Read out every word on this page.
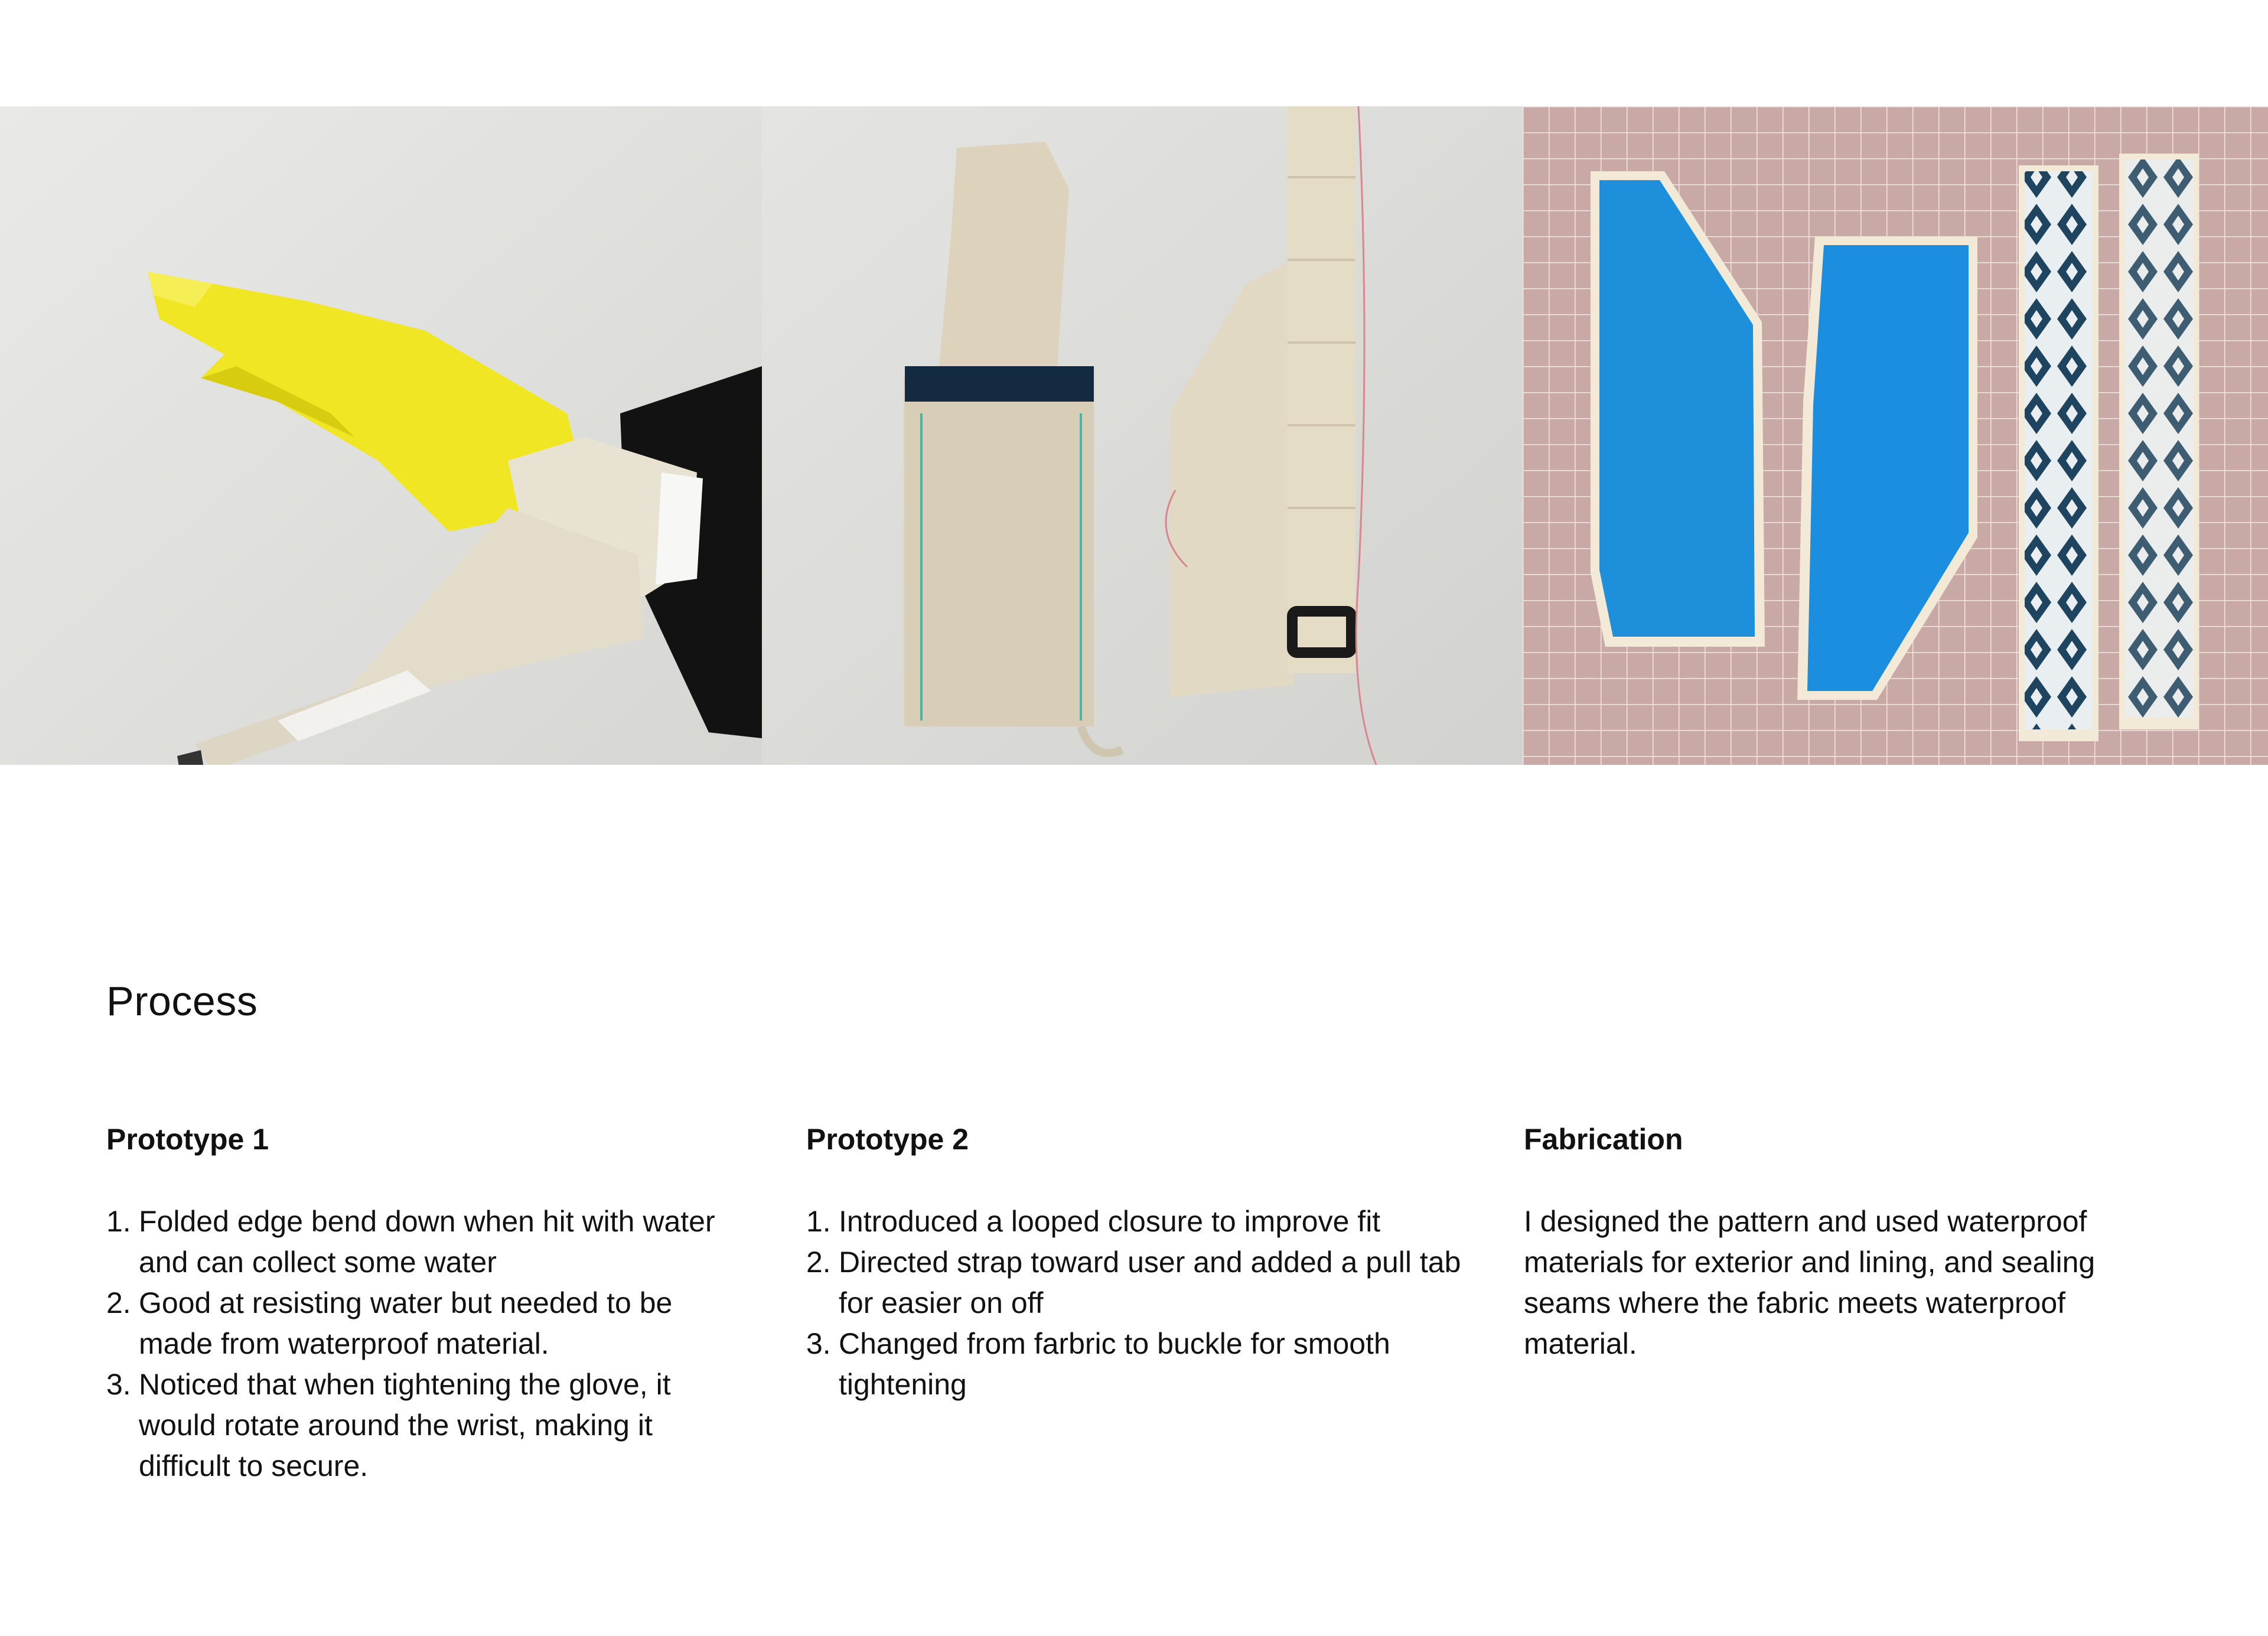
Process
Prototype 1
1. Folded edge bend down when hit with water and can collect some water
2. Good at resisting water but needed to be made from waterproof material.
3. Noticed that when tightening the glove, it would rotate around the wrist, making it difficult to secure.
Prototype 2
1. Introduced a looped closure to improve fit
2. Directed strap toward user and added a pull tab for easier on off
3. Changed from farbric to buckle for smooth tightening
Fabrication

I designed the pattern and used waterproof materials for exterior and lining, and sealing seams where the fabric meets waterproof material.
